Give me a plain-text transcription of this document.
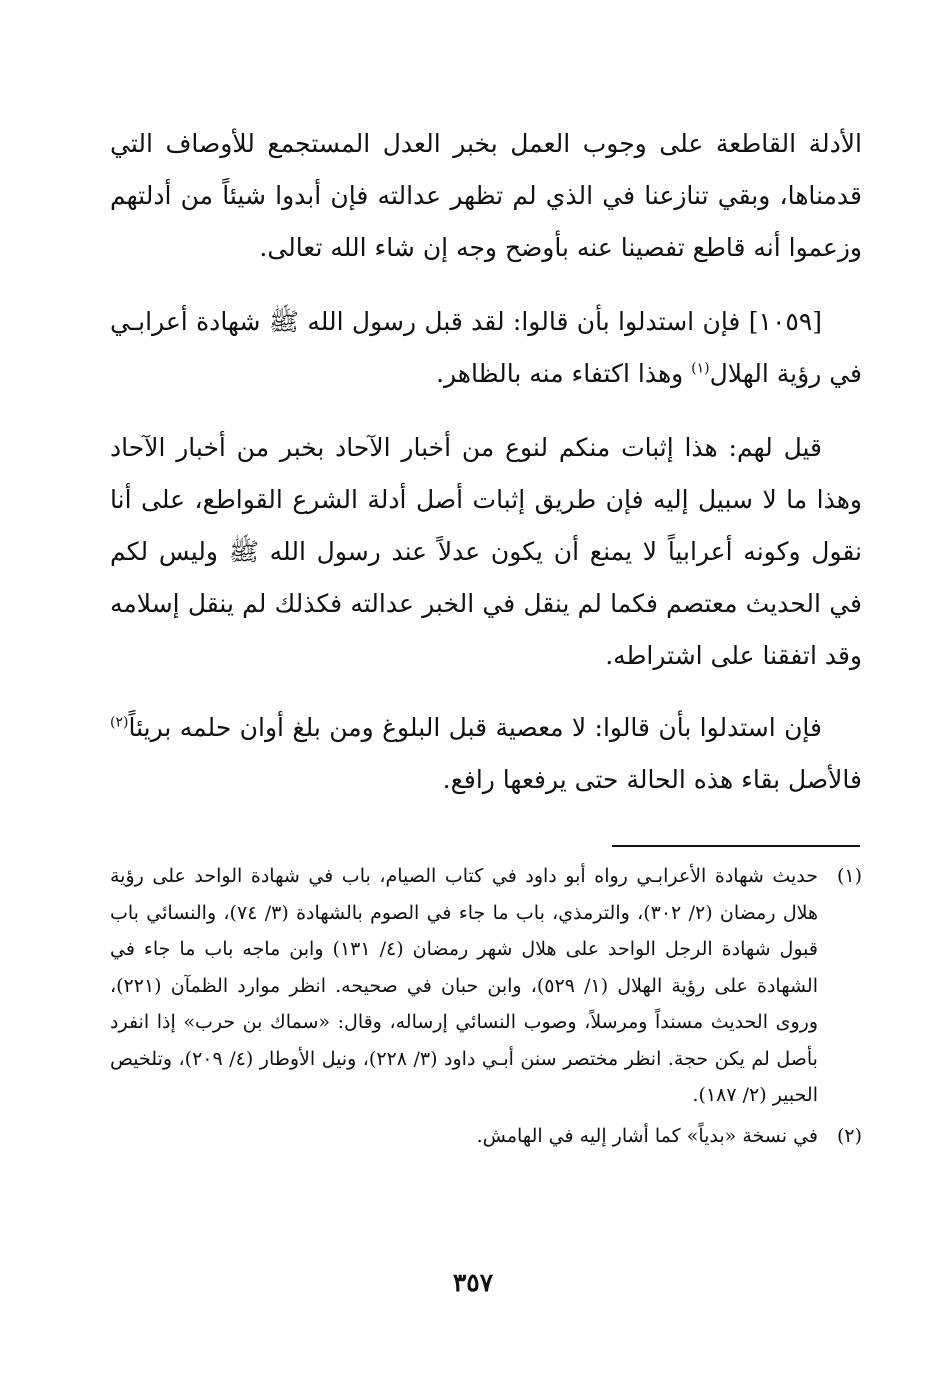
الأدلة القاطعة على وجوب العمل بخبر العدل المستجمع للأوصاف التي قدمناها، وبقي تنازعنا في الذي لم تظهر عدالته فإن أبدوا شيئاً من أدلتهم وزعموا أنه قاطع تفصينا عنه بأوضح وجه إن شاء الله تعالى.

[١٠٥٩] فإن استدلوا بأن قالوا: لقد قبل رسول الله ﷺ شهادة أعرابـي في رؤية الهلال$^{(١)}$ وهذا اكتفاء منه بالظاهر.

قيل لهم: هذا إثبات منكم لنوع من أخبار الآحاد بخبر من أخبار الآحاد وهذا ما لا سبيل إليه فإن طريق إثبات أصل أدلة الشرع القواطع، على أنا نقول وكونه أعرابياً لا يمنع أن يكون عدلاً عند رسول الله ﷺ وليس لكم في الحديث معتصم فكما لم ينقل في الخبر عدالته فكذلك لم ينقل إسلامه وقد اتفقنا على اشتراطه.

فإن استدلوا بأن قالوا: لا معصية قبل البلوغ ومن بلغ أوان حلمه بريئاً$^{(٢)}$ فالأصل بقاء هذه الحالة حتى يرفعها رافع.

(١)
حديث شهادة الأعرابـي رواه أبو داود في كتاب الصيام، باب في شهادة الواحد على رؤية هلال رمضان (٢/ ٣٠٢)، والترمذي، باب ما جاء في الصوم بالشهادة (٣/ ٧٤)، والنسائي باب قبول شهادة الرجل الواحد على هلال شهر رمضان (٤/ ١٣١) وابن ماجه باب ما جاء في الشهادة على رؤية الهلال (١/ ٥٢٩)، وابن حبان في صحيحه. انظر موارد الظمآن (٢٢١)، وروى الحديث مسنداً ومرسلاً، وصوب النسائي إرساله، وقال: «سماك بن حرب» إذا انفرد بأصل لم يكن حجة. انظر مختصر سنن أبـي داود (٣/ ٢٢٨)، ونيل الأوطار (٤/ ٢٠٩)، وتلخيص الحبير (٢/ ١٨٧).

(٢)
في نسخة «بدياً» كما أشار إليه في الهامش.

٣٥٧
